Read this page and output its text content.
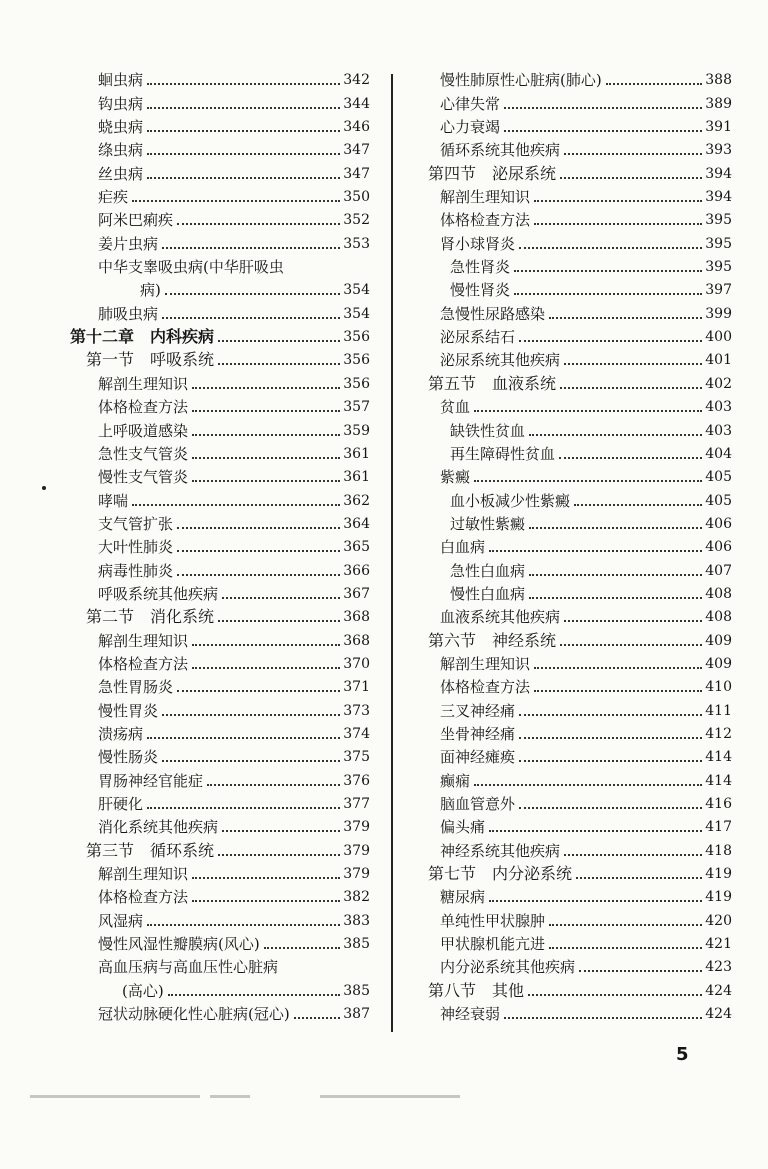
蛔虫病	342
钩虫病	344
蛲虫病	346
绦虫病	347
丝虫病	347
疟疾	350
阿米巴痢疾	352
姜片虫病	353
中华支睾吸虫病(中华肝吸虫
病)	354
肺吸虫病	354
第十二章　内科疾病	356
第一节　呼吸系统	356
解剖生理知识	356
体格检查方法	357
上呼吸道感染	359
急性支气管炎	361
慢性支气管炎	361
哮喘	362
支气管扩张	364
大叶性肺炎	365
病毒性肺炎	366
呼吸系统其他疾病	367
第二节　消化系统	368
解剖生理知识	368
体格检查方法	370
急性胃肠炎	371
慢性胃炎	373
溃疡病	374
慢性肠炎	375
胃肠神经官能症	376
肝硬化	377
消化系统其他疾病	379
第三节　循环系统	379
解剖生理知识	379
体格检查方法	382
风湿病	383
慢性风湿性瓣膜病(风心)	385
高血压病与高血压性心脏病
(高心)	385
冠状动脉硬化性心脏病(冠心)	387
慢性肺原性心脏病(肺心)	388
心律失常	389
心力衰竭	391
循环系统其他疾病	393
第四节　泌尿系统	394
解剖生理知识	394
体格检查方法	395
肾小球肾炎	395
急性肾炎	395
慢性肾炎	397
急慢性尿路感染	399
泌尿系结石	400
泌尿系统其他疾病	401
第五节　血液系统	402
贫血	403
缺铁性贫血	403
再生障碍性贫血	404
紫癜	405
血小板减少性紫癜	405
过敏性紫癜	406
白血病	406
急性白血病	407
慢性白血病	408
血液系统其他疾病	408
第六节　神经系统	409
解剖生理知识	409
体格检查方法	410
三叉神经痛	411
坐骨神经痛	412
面神经瘫痪	414
癫痫	414
脑血管意外	416
偏头痛	417
神经系统其他疾病	418
第七节　内分泌系统	419
糖尿病	419
单纯性甲状腺肿	420
甲状腺机能亢进	421
内分泌系统其他疾病	423
第八节　其他	424
神经衰弱	424
5
